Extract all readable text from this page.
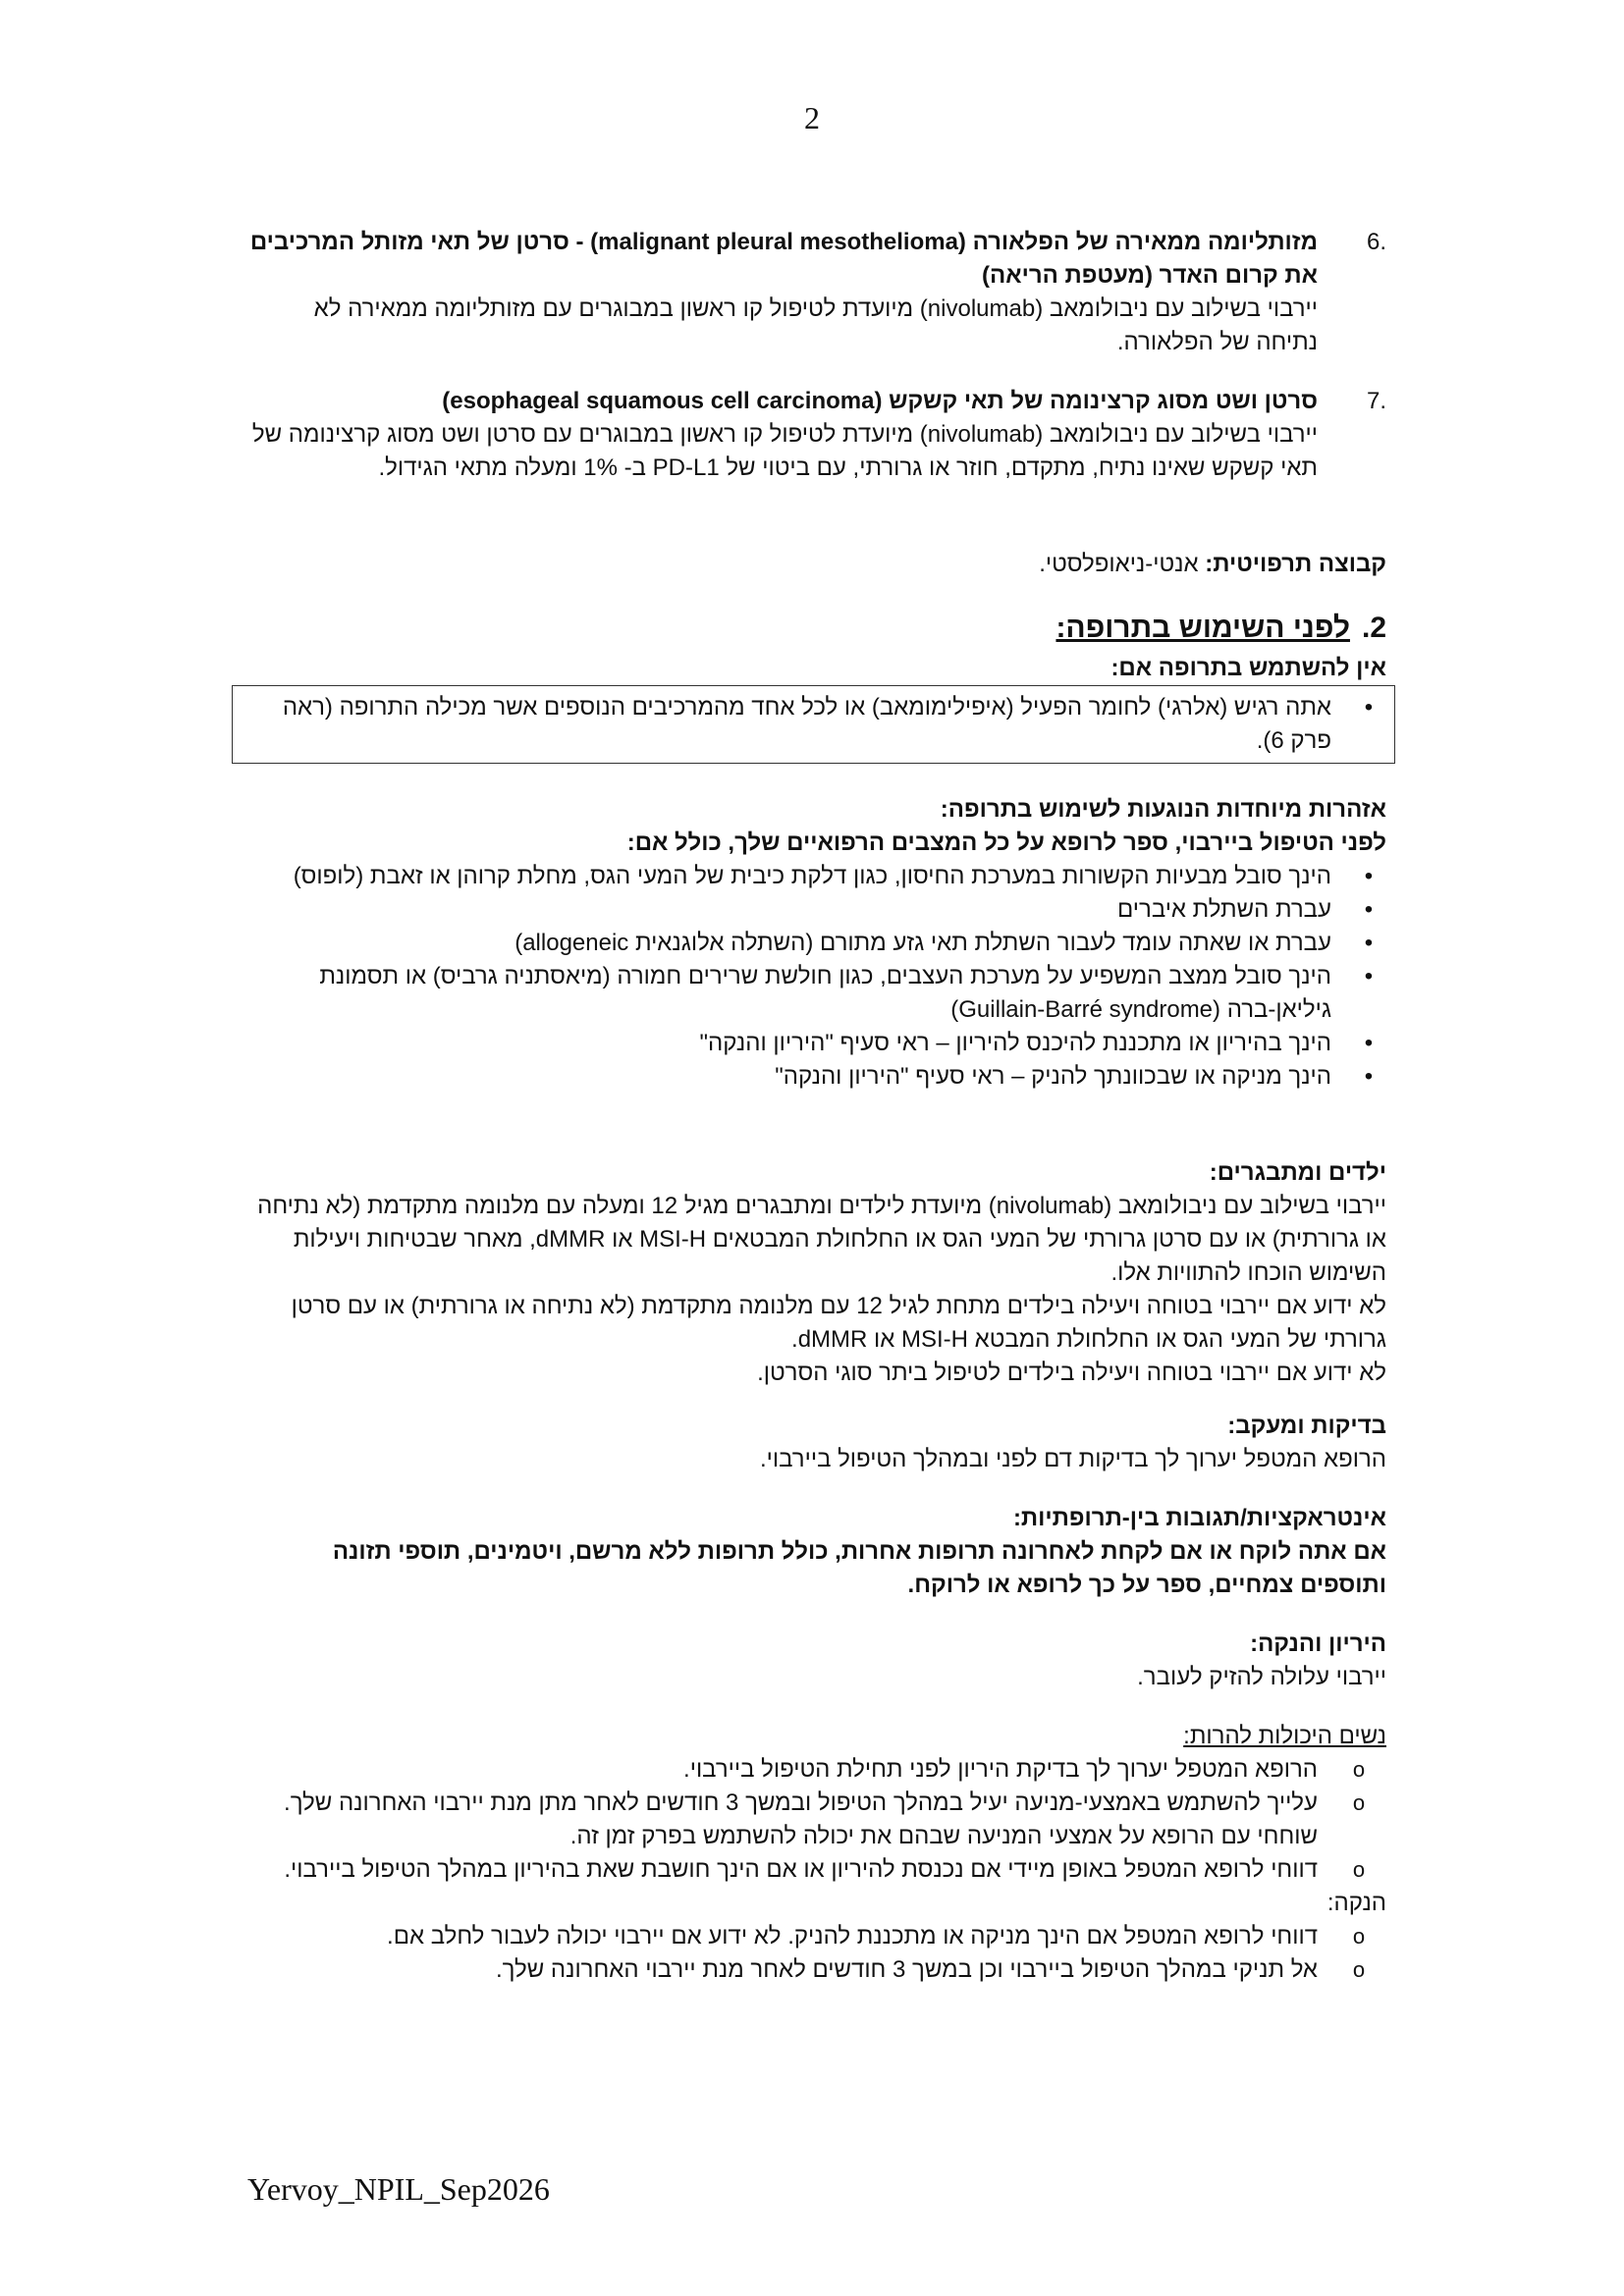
2
6.

מזותליומה ממאירה של הפלאורה (malignant pleural mesothelioma) - סרטן של תאי מזותל המרכיבים את קרום האדר (מעטפת הריאה)

יירבוי בשילוב עם ניבולומאב (nivolumab) מיועדת לטיפול קו ראשון במבוגרים עם מזותליומה ממאירה לא נתיחה של הפלאורה.

7.

סרטן ושט מסוג קרצינומה של תאי קשקש (esophageal squamous cell carcinoma)

יירבוי בשילוב עם ניבולומאב (nivolumab) מיועדת לטיפול קו ראשון במבוגרים עם סרטן ושט מסוג קרצינומה של תאי קשקש שאינו נתיח, מתקדם, חוזר או גרורתי, עם ביטוי של PD-L1 ב- 1% ומעלה מתאי הגידול.

קבוצה תרפויטית: אנטי-ניאופלסטי.
2.לפני השימוש בתרופה:
אין להשתמש בתרופה אם:
•
אתה רגיש (אלרגי) לחומר הפעיל (איפילימומאב) או לכל אחד מהמרכיבים הנוספים אשר מכילה התרופה (ראה פרק 6).

אזהרות מיוחדות הנוגעות לשימוש בתרופה:

לפני הטיפול ביירבוי, ספר לרופא על כל המצבים הרפואיים שלך, כולל אם:

•
הינך סובל מבעיות הקשורות במערכת החיסון, כגון דלקת כיבית של המעי הגס, מחלת קרוהן או זאבת (לופוס)
•
עברת השתלת איברים
•
עברת או שאתה עומד לעבור השתלת תאי גזע מתורם (השתלה אלוגנאית allogeneic)
•
הינך סובל ממצב המשפיע על מערכת העצבים, כגון חולשת שרירים חמורה (מיאסתניה גרביס) או תסמונת גיליאן-ברה (Guillain-Barré syndrome)
•
הינך בהיריון או מתכננת להיכנס להיריון – ראי סעיף "היריון והנקה"
•
הינך מניקה או שבכוונתך להניק – ראי סעיף "היריון והנקה"

ילדים ומתבגרים:

יירבוי בשילוב עם ניבולומאב (nivolumab) מיועדת לילדים ומתבגרים מגיל 12 ומעלה עם מלנומה מתקדמת (לא נתיחה או גרורתית) או עם סרטן גרורתי של המעי הגס או החלחולת המבטאים MSI-H או dMMR, מאחר שבטיחות ויעילות השימוש הוכחו להתוויות אלו.

לא ידוע אם יירבוי בטוחה ויעילה בילדים מתחת לגיל 12 עם מלנומה מתקדמת (לא נתיחה או גרורתית) או עם סרטן גרורתי של המעי הגס או החלחולת המבטא MSI-H או dMMR.

לא ידוע אם יירבוי בטוחה ויעילה בילדים לטיפול ביתר סוגי הסרטן.

בדיקות ומעקב:

הרופא המטפל יערוך לך בדיקות דם לפני ובמהלך הטיפול ביירבוי.

אינטראקציות/תגובות בין-תרופתיות:

אם אתה לוקח או אם לקחת לאחרונה תרופות אחרות, כולל תרופות ללא מרשם, ויטמינים, תוספי תזונה ותוספים צמחיים, ספר על כך לרופא או לרוקח.

היריון והנקה:

יירבוי עלולה להזיק לעובר.

נשים היכולות להרות:

o
הרופא המטפל יערוך לך בדיקת היריון לפני תחילת הטיפול ביירבוי.
o
עלייך להשתמש באמצעי-מניעה יעיל במהלך הטיפול ובמשך 3 חודשים לאחר מתן מנת יירבוי האחרונה שלך. שוחחי עם הרופא על אמצעי המניעה שבהם את יכולה להשתמש בפרק זמן זה.
o
דווחי לרופא המטפל באופן מיידי אם נכנסת להיריון או אם הינך חושבת שאת בהיריון במהלך הטיפול ביירבוי.

הנקה:

o
דווחי לרופא המטפל אם הינך מניקה או מתכננת להניק. לא ידוע אם יירבוי יכולה לעבור לחלב אם.
o
אל תניקי במהלך הטיפול ביירבוי וכן במשך 3 חודשים לאחר מנת יירבוי האחרונה שלך.
Yervoy_NPIL_Sep2026
